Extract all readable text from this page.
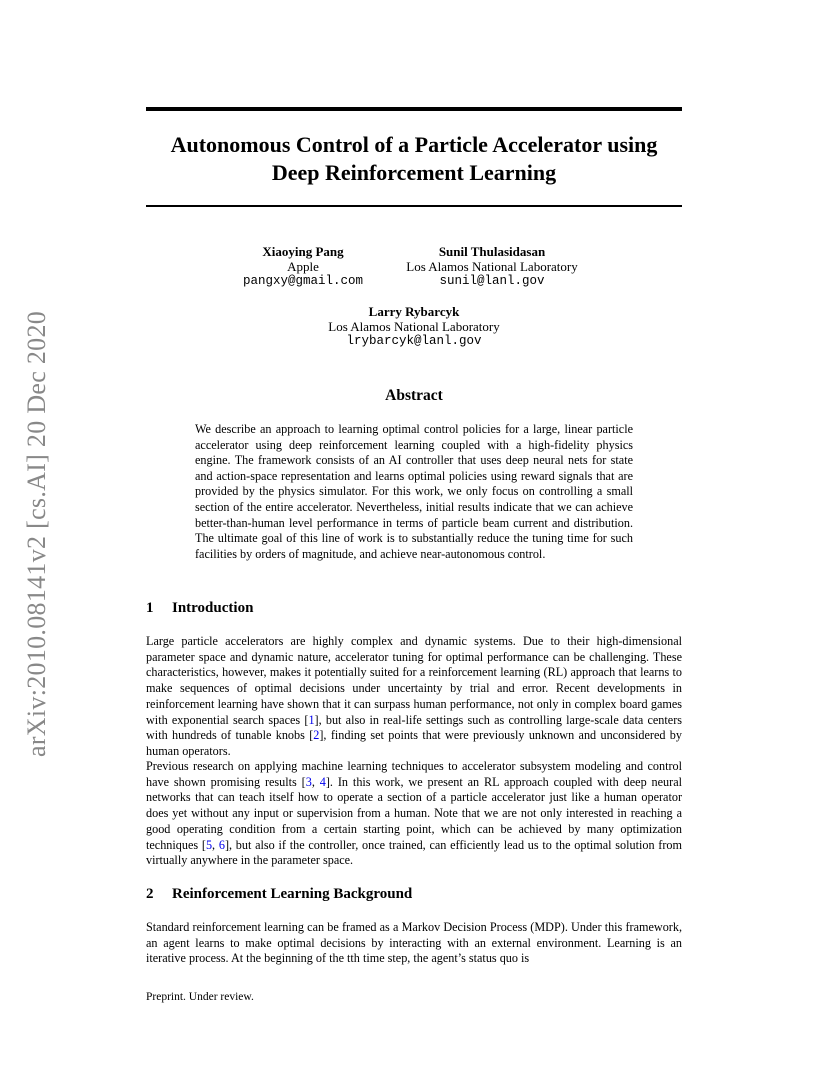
arXiv:2010.08141v2 [cs.AI] 20 Dec 2020
Autonomous Control of a Particle Accelerator using Deep Reinforcement Learning
Xiaoying Pang
Apple
pangxy@gmail.com
Sunil Thulasidasan
Los Alamos National Laboratory
sunil@lanl.gov
Larry Rybarcyk
Los Alamos National Laboratory
lrybarcyk@lanl.gov
Abstract
We describe an approach to learning optimal control policies for a large, linear particle accelerator using deep reinforcement learning coupled with a high-fidelity physics engine. The framework consists of an AI controller that uses deep neural nets for state and action-space representation and learns optimal policies using reward signals that are provided by the physics simulator. For this work, we only focus on controlling a small section of the entire accelerator. Nevertheless, initial results indicate that we can achieve better-than-human level performance in terms of particle beam current and distribution. The ultimate goal of this line of work is to substantially reduce the tuning time for such facilities by orders of magnitude, and achieve near-autonomous control.
1 Introduction
Large particle accelerators are highly complex and dynamic systems. Due to their high-dimensional parameter space and dynamic nature, accelerator tuning for optimal performance can be challenging. These characteristics, however, makes it potentially suited for a reinforcement learning (RL) approach that learns to make sequences of optimal decisions under uncertainty by trial and error. Recent developments in reinforcement learning have shown that it can surpass human performance, not only in complex board games with exponential search spaces [1], but also in real-life settings such as controlling large-scale data centers with hundreds of tunable knobs [2], finding set points that were previously unknown and unconsidered by human operators.
Previous research on applying machine learning techniques to accelerator subsystem modeling and control have shown promising results [3, 4]. In this work, we present an RL approach coupled with deep neural networks that can teach itself how to operate a section of a particle accelerator just like a human operator does yet without any input or supervision from a human. Note that we are not only interested in reaching a good operating condition from a certain starting point, which can be achieved by many optimization techniques [5, 6], but also if the controller, once trained, can efficiently lead us to the optimal solution from virtually anywhere in the parameter space.
2 Reinforcement Learning Background
Standard reinforcement learning can be framed as a Markov Decision Process (MDP). Under this framework, an agent learns to make optimal decisions by interacting with an external environment. Learning is an iterative process. At the beginning of the tth time step, the agent’s status quo is
Preprint. Under review.
